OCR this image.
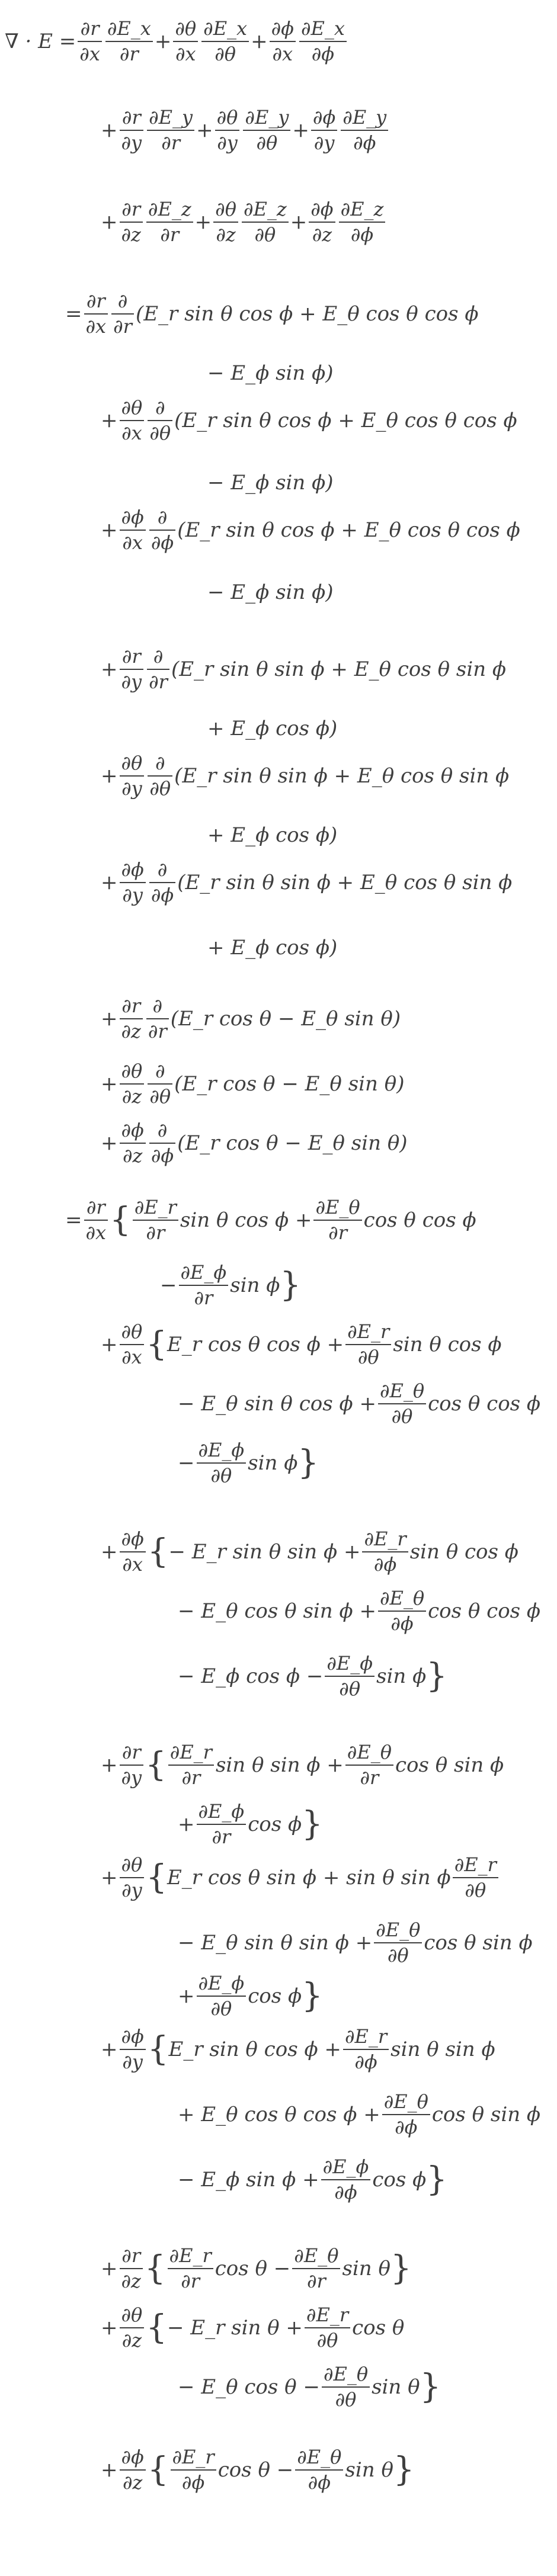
∇ · $E = \frac{\partial r}{\partial x} \frac{\partial E\_x}{\partial r} + \frac{\partial\theta}{\partial x} \frac{\partial E\_x}{\partial\theta} + \frac{\partial\phi}{\partial x} \frac{\partial E\_x}{\partial\phi}$
+ $\frac{\partial r}{\partial y} \frac{\partial E\_y}{\partial r} + \frac{\partial\theta}{\partial y} \frac{\partial E\_y}{\partial\theta} + \frac{\partial\phi}{\partial y} \frac{\partial E\_y}{\partial\phi}$
+ $\frac{\partial r}{\partial z} \frac{\partial E\_z}{\partial r} + \frac{\partial\theta}{\partial z} \frac{\partial E\_z}{\partial\theta} + \frac{\partial\phi}{\partial z} \frac{\partial E\_z}{\partial\phi}$
= $\frac{\partial r}{\partial x} \frac{\partial}{\partial r}$ (E_r sin θ cos ϕ + E_θ cos θ cos ϕ
− E_ϕ sin ϕ)
+ $\frac{\partial\theta}{\partial x} \frac{\partial}{\partial\theta}$ (E_r sin θ cos ϕ + E_θ cos θ cos ϕ
− E_ϕ sin ϕ)
+ $\frac{\partial\phi}{\partial x} \frac{\partial}{\partial\phi}$ (E_r sin θ cos ϕ + E_θ cos θ cos ϕ
− E_ϕ sin ϕ)
+ $\frac{\partial r}{\partial y} \frac{\partial}{\partial r}$ (E_r sin θ sin ϕ + E_θ cos θ sin ϕ
+ E_ϕ cos ϕ)
+ $\frac{\partial\theta}{\partial y} \frac{\partial}{\partial\theta}$ (E_r sin θ sin ϕ + E_θ cos θ sin ϕ
+ E_ϕ cos ϕ)
+ $\frac{\partial\phi}{\partial y} \frac{\partial}{\partial\phi}$ (E_r sin θ sin ϕ + E_θ cos θ sin ϕ
+ E_ϕ cos ϕ)
+ $\frac{\partial r}{\partial z} \frac{\partial}{\partial r}$ (E_r cos θ − E_θ sin θ)
+ $\frac{\partial\theta}{\partial z} \frac{\partial}{\partial\theta}$ (E_r cos θ − E_θ sin θ)
+ $\frac{\partial\phi}{\partial z} \frac{\partial}{\partial\phi}$ (E_r cos θ − E_θ sin θ)
= $\frac{\partial r}{\partial x}$ { $\frac{\partial E\_r}{\partial r}$ sin θ $\cos \phi + \frac{\partial E\_\theta}{\partial r}$ cos θ cos ϕ
− $\frac{\partial E\_\phi}{\partial r}$ sin ϕ }
+ $\frac{\partial\theta}{\partial x}$ { E_r cos θ $\cos \phi + \frac{\partial E\_r}{\partial\theta}$ sin θ cos ϕ
− E_θ sin θ $\cos \phi + \frac{\partial E\_\theta}{\partial\theta}$ cos θ cos ϕ
− $\frac{\partial E\_\phi}{\partial\theta}$ sin ϕ }
+ $\frac{\partial\phi}{\partial x}$ { − E_r sin θ $\sin \phi + \frac{\partial E\_r}{\partial\phi}$ sin θ cos ϕ
− E_θ cos θ $\sin \phi + \frac{\partial E\_\theta}{\partial\phi}$ cos θ cos ϕ
− E_ϕ $\cos \phi - \frac{\partial E\_\phi}{\partial\theta}$ sin ϕ }
+ $\frac{\partial r}{\partial y}$ { $\frac{\partial E\_r}{\partial r}$ sin θ $\sin \phi + \frac{\partial E\_\theta}{\partial r}$ cos θ sin ϕ
+ $\frac{\partial E\_\phi}{\partial r}$ cos ϕ }
+ $\frac{\partial\theta}{\partial y}$ { E_r cos θ sin ϕ + sin θ sin ϕ $\frac{\partial E\_r}{\partial\theta}$
− E_θ sin θ $\sin \phi + \frac{\partial E\_\theta}{\partial\theta}$ cos θ sin ϕ
+ $\frac{\partial E\_\phi}{\partial\theta}$ cos ϕ }
+ $\frac{\partial\phi}{\partial y}$ { E_r sin θ $\cos \phi + \frac{\partial E\_r}{\partial\phi}$ sin θ sin ϕ
+ E_θ cos θ $\cos \phi + \frac{\partial E\_\theta}{\partial\phi}$ cos θ sin ϕ
− E_ϕ $\sin \phi + \frac{\partial E\_\phi}{\partial\phi}$ cos ϕ }
+ $\frac{\partial r}{\partial z}$ { $\frac{\partial E\_r}{\partial r}$ $\cos \theta - \frac{\partial E\_\theta}{\partial r}$ sin θ }
+ $\frac{\partial\theta}{\partial z}$ { − E_r $\sin \theta + \frac{\partial E\_r}{\partial\theta}$ cos θ
− E_θ $\cos \theta - \frac{\partial E\_\theta}{\partial\theta}$ sin θ }
+ $\frac{\partial\phi}{\partial z}$ { $\frac{\partial E\_r}{\partial\phi}$ $\cos \theta - \frac{\partial E\_\theta}{\partial\phi}$ sin θ }
